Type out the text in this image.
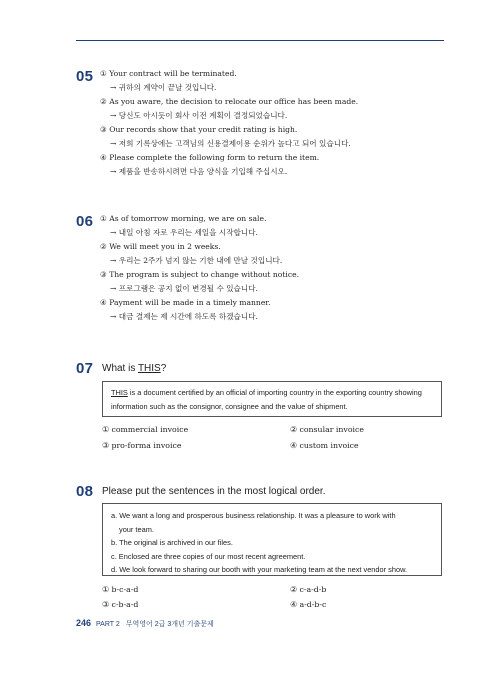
05 ① Your contract will be terminated.
→ 귀하의 계약이 끝날 것입니다.
② As you aware, the decision to relocate our office has been made.
→ 당신도 아시듯이 회사 이전 계획이 결정되었습니다.
③ Our records show that your credit rating is high.
→ 저희 기록상에는 고객님의 신용결제이용 순위가 높다고 되어 있습니다.
④ Please complete the following form to return the item.
→ 제품을 반송하시려면 다음 양식을 기입해 주십시오.
06 ① As of tomorrow morning, we are on sale.
→ 내일 아침 자로 우리는 세일을 시작합니다.
② We will meet you in 2 weeks.
→ 우리는 2주가 넘지 않는 기한 내에 만날 것입니다.
③ The program is subject to change without notice.
→ 프로그램은 공지 없이 변경될 수 있습니다.
④ Payment will be made in a timely manner.
→ 대금 결제는 제 시간에 하도록 하겠습니다.
07 What is THIS?
THIS is a document certified by an official of importing country in the exporting country showing information such as the consignor, consignee and the value of shipment.
① commercial invoice	② consular invoice
③ pro-forma invoice	④ custom invoice
08 Please put the sentences in the most logical order.
a. We want a long and prosperous business relationship. It was a pleasure to work with
your team.
b. The original is archived in our files.
c. Enclosed are three copies of our most recent agreement.
d. We look forward to sharing our booth with your marketing team at the next vendor show.
① b-c-a-d	② c-a-d-b
③ c-b-a-d	④ a-d-b-c
246 PART 2 무역영어 2급 3개년 기출문제
